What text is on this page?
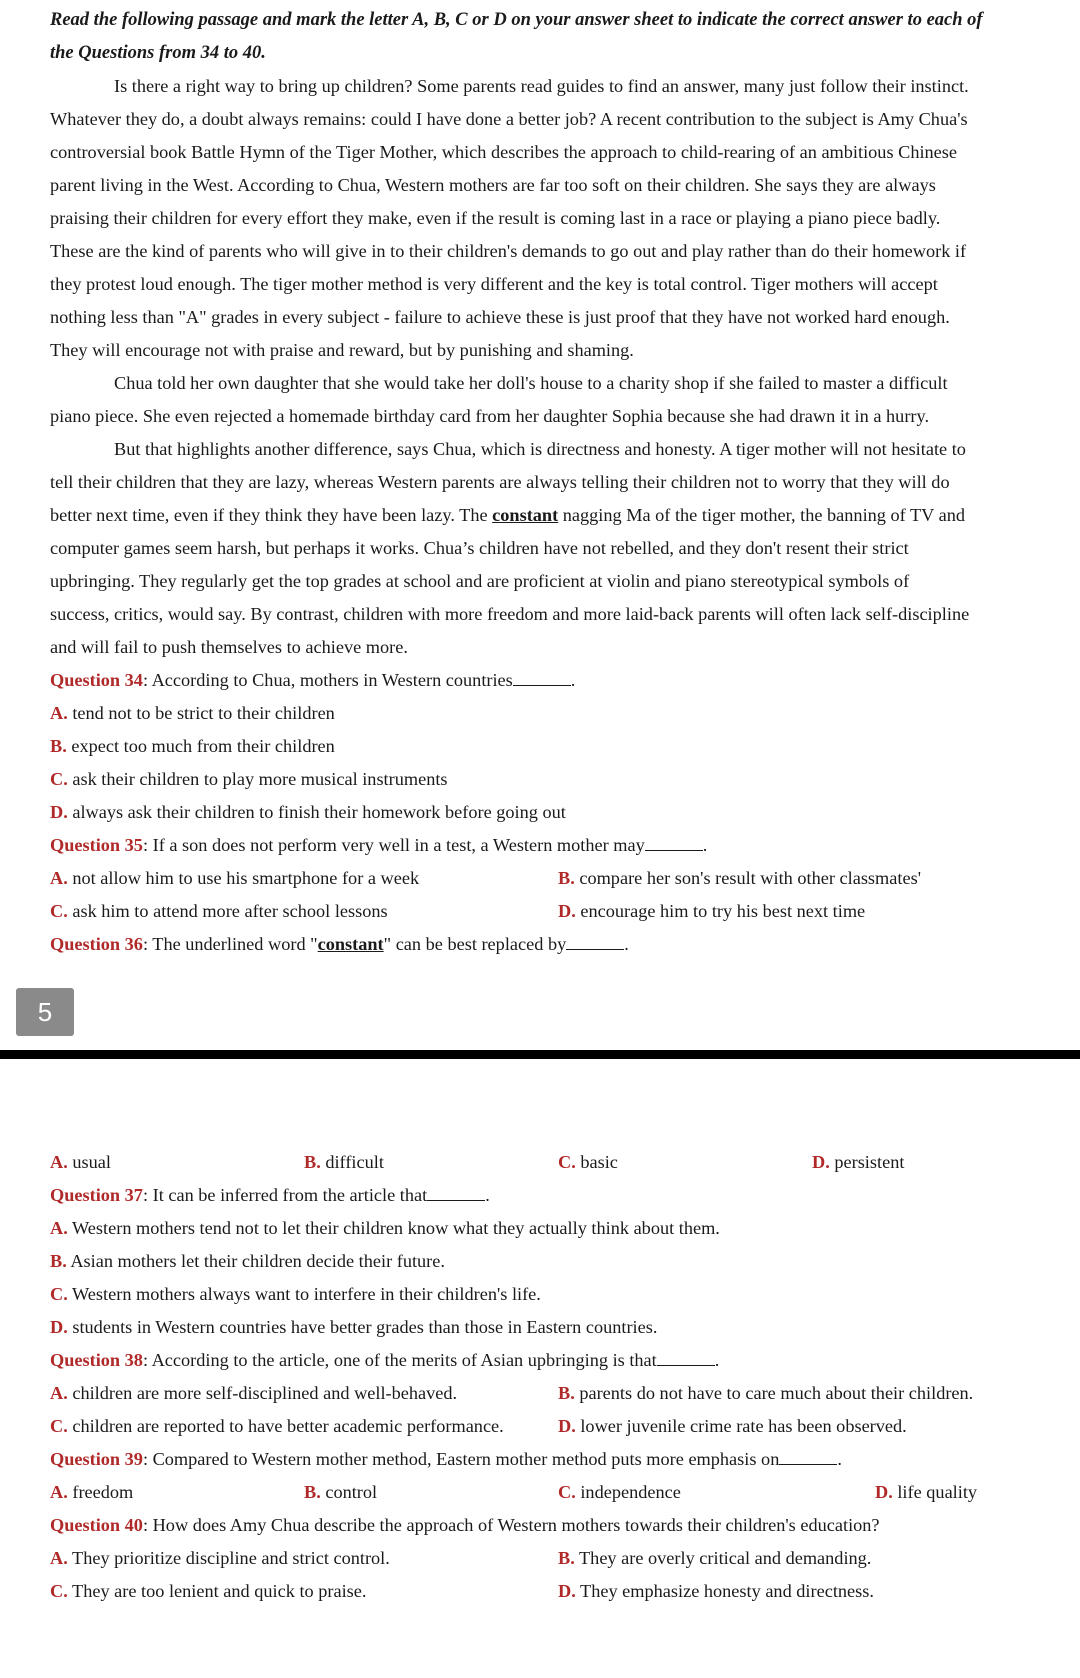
Read the following passage and mark the letter A, B, C or D on your answer sheet to indicate the correct answer to each of
the Questions from 34 to 40.
Is there a right way to bring up children? Some parents read guides to find an answer, many just follow their instinct.
Whatever they do, a doubt always remains: could I have done a better job? A recent contribution to the subject is Amy Chua's
controversial book Battle Hymn of the Tiger Mother, which describes the approach to child-rearing of an ambitious Chinese
parent living in the West. According to Chua, Western mothers are far too soft on their children. She says they are always
praising their children for every effort they make, even if the result is coming last in a race or playing a piano piece badly.
These are the kind of parents who will give in to their children's demands to go out and play rather than do their homework if
they protest loud enough. The tiger mother method is very different and the key is total control. Tiger mothers will accept
nothing less than "A" grades in every subject - failure to achieve these is just proof that they have not worked hard enough.
They will encourage not with praise and reward, but by punishing and shaming.
Chua told her own daughter that she would take her doll's house to a charity shop if she failed to master a difficult
piano piece. She even rejected a homemade birthday card from her daughter Sophia because she had drawn it in a hurry.
But that highlights another difference, says Chua, which is directness and honesty. A tiger mother will not hesitate to
tell their children that they are lazy, whereas Western parents are always telling their children not to worry that they will do
better next time, even if they think they have been lazy. The constant nagging Ma of the tiger mother, the banning of TV and
computer games seem harsh, but perhaps it works. Chua’s children have not rebelled, and they don't resent their strict
upbringing. They regularly get the top grades at school and are proficient at violin and piano stereotypical symbols of
success, critics, would say. By contrast, children with more freedom and more laid-back parents will often lack self-discipline
and will fail to push themselves to achieve more.
Question 34: According to Chua, mothers in Western countries	.
A. tend not to be strict to their children
B. expect too much from their children
C. ask their children to play more musical instruments
D. always ask their children to finish their homework before going out
Question 35: If a son does not perform very well in a test, a Western mother may	.
A. not allow him to use his smartphone for a week	B. compare her son's result with other classmates'
C. ask him to attend more after school lessons	D. encourage him to try his best next time
Question 36: The underlined word "constant" can be best replaced by	.
5
A. usual	B. difficult	C. basic	D. persistent
Question 37: It can be inferred from the article that	.
A. Western mothers tend not to let their children know what they actually think about them.
B. Asian mothers let their children decide their future.
C. Western mothers always want to interfere in their children's life.
D. students in Western countries have better grades than those in Eastern countries.
Question 38: According to the article, one of the merits of Asian upbringing is that	.
A. children are more self-disciplined and well-behaved.	B. parents do not have to care much about their children.
C. children are reported to have better academic performance.	D. lower juvenile crime rate has been observed.
Question 39: Compared to Western mother method, Eastern mother method puts more emphasis on	.
A. freedom	B. control	C. independence	D. life quality
Question 40: How does Amy Chua describe the approach of Western mothers towards their children's education?
A. They prioritize discipline and strict control.	B. They are overly critical and demanding.
C. They are too lenient and quick to praise.	D. They emphasize honesty and directness.
